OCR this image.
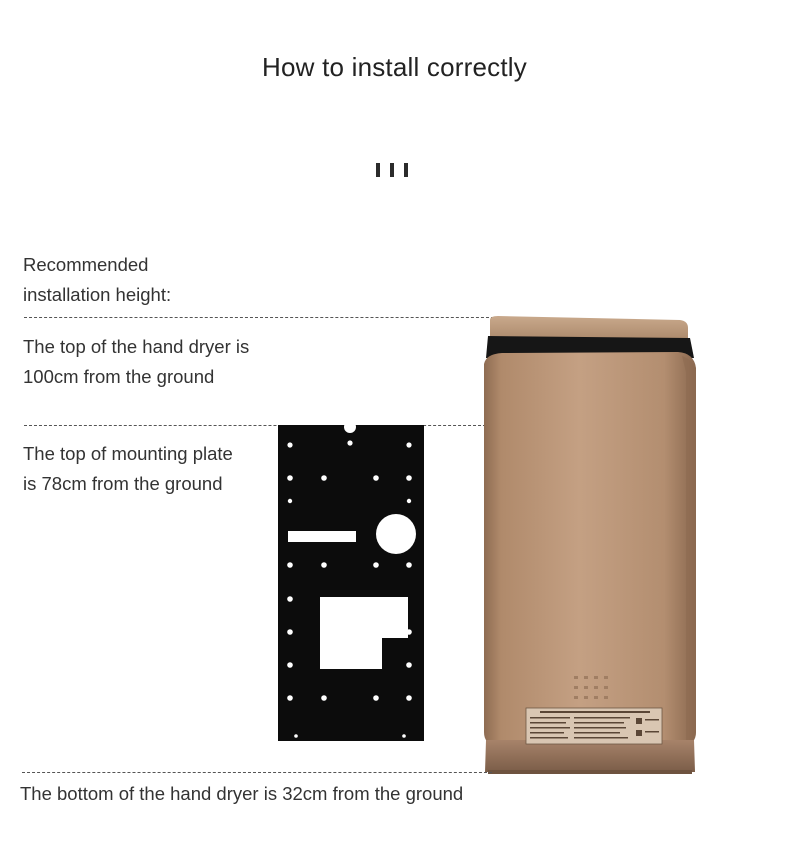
How to install correctly
Recommended
installation height:
The top of the hand dryer is
100cm from the ground
The top of mounting plate
is 78cm from the ground
The bottom of the hand dryer is 32cm from the ground
